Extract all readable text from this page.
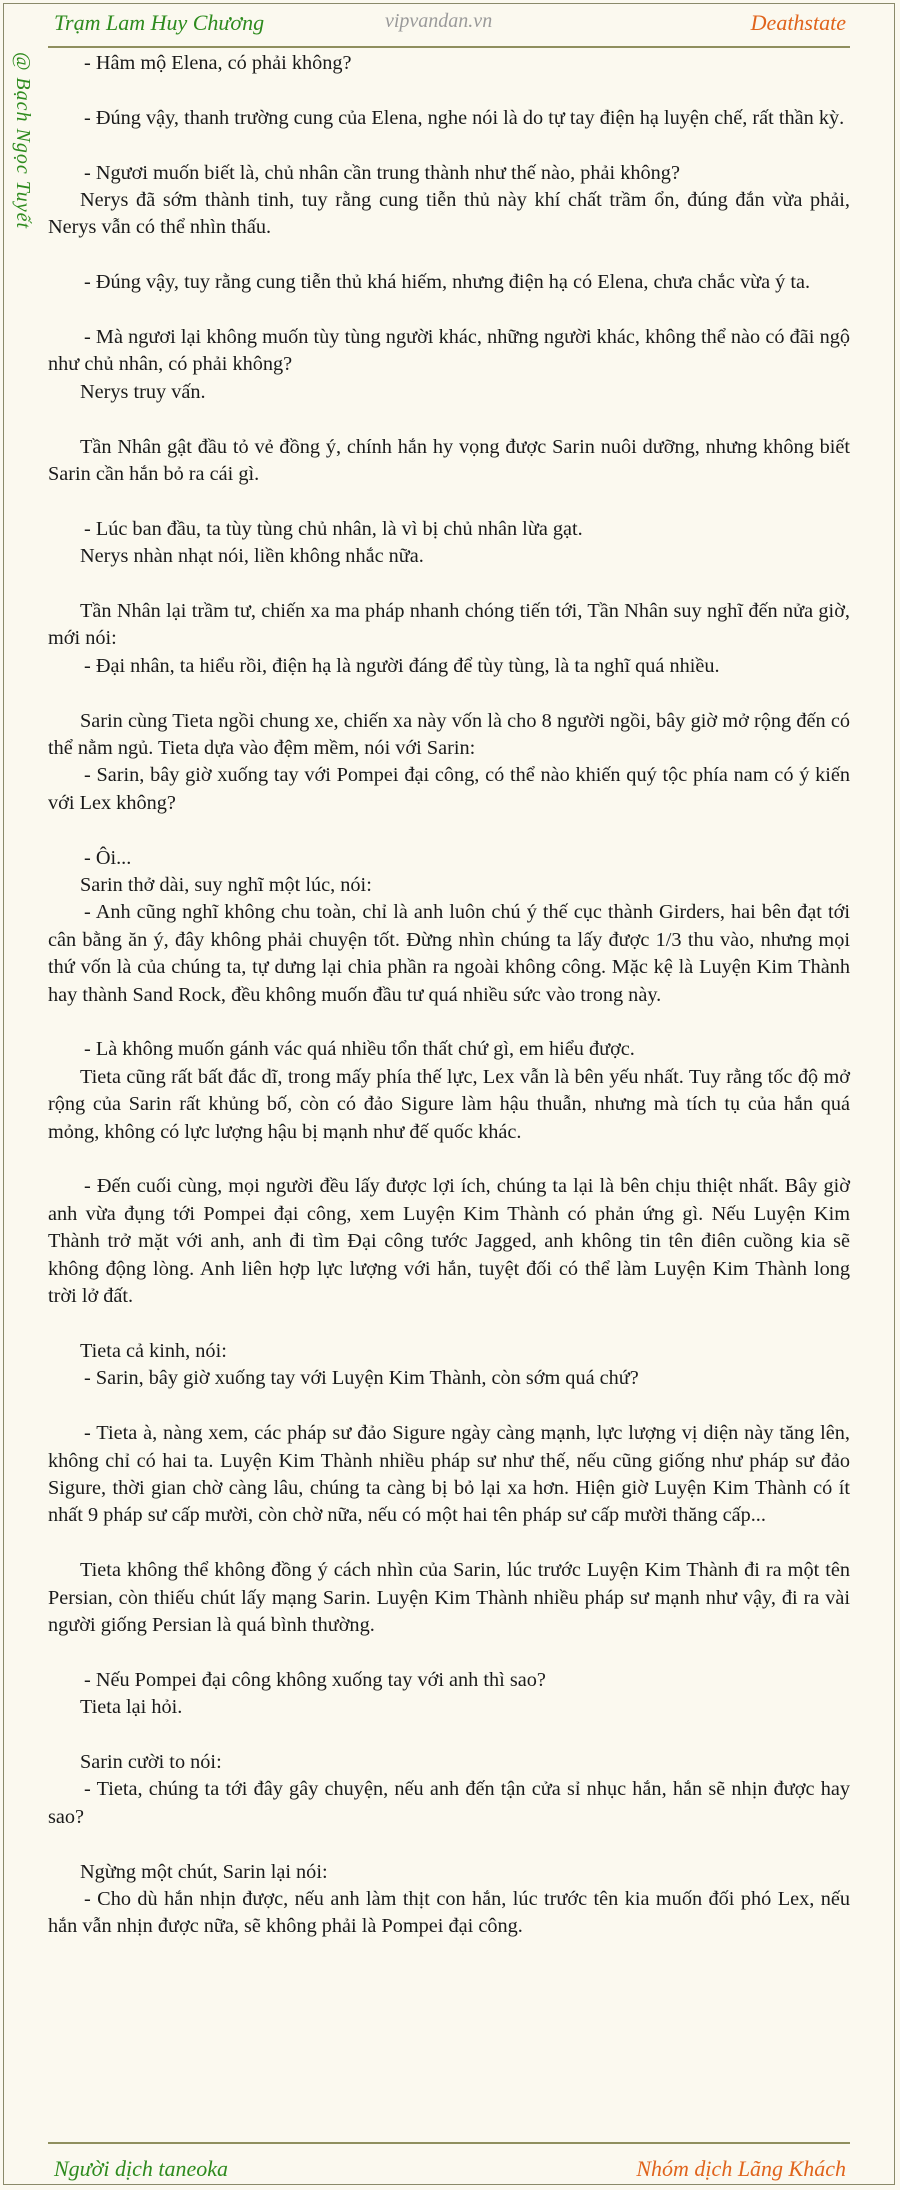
Trạm Lam Huy Chương	vipvandan.vn	Deathstate
@ Bạch Ngọc Tuyết	- Hâm mộ Elena, có phải không?

- Đúng vậy, thanh trường cung của Elena, nghe nói là do tự tay điện hạ luyện chế, rất thần kỳ.

- Ngươi muốn biết là, chủ nhân cần trung thành như thế nào, phải không?

Nerys đã sớm thành tinh, tuy rằng cung tiễn thủ này khí chất trầm ổn, đúng đắn vừa phải, Nerys vẫn có thể nhìn thấu.

- Đúng vậy, tuy rằng cung tiễn thủ khá hiếm, nhưng điện hạ có Elena, chưa chắc vừa ý ta.

- Mà ngươi lại không muốn tùy tùng người khác, những người khác, không thể nào có đãi ngộ như chủ nhân, có phải không?

Nerys truy vấn.

Tần Nhân gật đầu tỏ vẻ đồng ý, chính hắn hy vọng được Sarin nuôi dưỡng, nhưng không biết Sarin cần hắn bỏ ra cái gì.

- Lúc ban đầu, ta tùy tùng chủ nhân, là vì bị chủ nhân lừa gạt.

Nerys nhàn nhạt nói, liền không nhắc nữa.

Tần Nhân lại trầm tư, chiến xa ma pháp nhanh chóng tiến tới, Tần Nhân suy nghĩ đến nửa giờ, mới nói:

- Đại nhân, ta hiểu rồi, điện hạ là người đáng để tùy tùng, là ta nghĩ quá nhiều.

Sarin cùng Tieta ngồi chung xe, chiến xa này vốn là cho 8 người ngồi, bây giờ mở rộng đến có thể nằm ngủ. Tieta dựa vào đệm mềm, nói với Sarin:

- Sarin, bây giờ xuống tay với Pompei đại công, có thể nào khiến quý tộc phía nam có ý kiến với Lex không?

- Ôi...

Sarin thở dài, suy nghĩ một lúc, nói:

- Anh cũng nghĩ không chu toàn, chỉ là anh luôn chú ý thế cục thành Girders, hai bên đạt tới cân bằng ăn ý, đây không phải chuyện tốt. Đừng nhìn chúng ta lấy được 1/3 thu vào, nhưng mọi thứ vốn là của chúng ta, tự dưng lại chia phần ra ngoài không công. Mặc kệ là Luyện Kim Thành hay thành Sand Rock, đều không muốn đầu tư quá nhiều sức vào trong này.

- Là không muốn gánh vác quá nhiều tổn thất chứ gì, em hiểu được.

Tieta cũng rất bất đắc dĩ, trong mấy phía thế lực, Lex vẫn là bên yếu nhất. Tuy rằng tốc độ mở rộng của Sarin rất khủng bố, còn có đảo Sigure làm hậu thuẫn, nhưng mà tích tụ của hắn quá mỏng, không có lực lượng hậu bị mạnh như đế quốc khác.

- Đến cuối cùng, mọi người đều lấy được lợi ích, chúng ta lại là bên chịu thiệt nhất. Bây giờ anh vừa đụng tới Pompei đại công, xem Luyện Kim Thành có phản ứng gì. Nếu Luyện Kim Thành trở mặt với anh, anh đi tìm Đại công tước Jagged, anh không tin tên điên cuồng kia sẽ không động lòng. Anh liên hợp lực lượng với hắn, tuyệt đối có thể làm Luyện Kim Thành long trời lở đất.

Tieta cả kinh, nói:

- Sarin, bây giờ xuống tay với Luyện Kim Thành, còn sớm quá chứ?

- Tieta à, nàng xem, các pháp sư đảo Sigure ngày càng mạnh, lực lượng vị diện này tăng lên, không chỉ có hai ta. Luyện Kim Thành nhiều pháp sư như thế, nếu cũng giống như pháp sư đảo Sigure, thời gian chờ càng lâu, chúng ta càng bị bỏ lại xa hơn. Hiện giờ Luyện Kim Thành có ít nhất 9 pháp sư cấp mười, còn chờ nữa, nếu có một hai tên pháp sư cấp mười thăng cấp...

Tieta không thể không đồng ý cách nhìn của Sarin, lúc trước Luyện Kim Thành đi ra một tên Persian, còn thiếu chút lấy mạng Sarin. Luyện Kim Thành nhiều pháp sư mạnh như vậy, đi ra vài người giống Persian là quá bình thường.

- Nếu Pompei đại công không xuống tay với anh thì sao?

Tieta lại hỏi.

Sarin cười to nói:

- Tieta, chúng ta tới đây gây chuyện, nếu anh đến tận cửa sỉ nhục hắn, hắn sẽ nhịn được hay sao?

Ngừng một chút, Sarin lại nói:

- Cho dù hắn nhịn được, nếu anh làm thịt con hắn, lúc trước tên kia muốn đối phó Lex, nếu hắn vẫn nhịn được nữa, sẽ không phải là Pompei đại công.

Người dịch taneoka	Nhóm dịch Lãng Khách
